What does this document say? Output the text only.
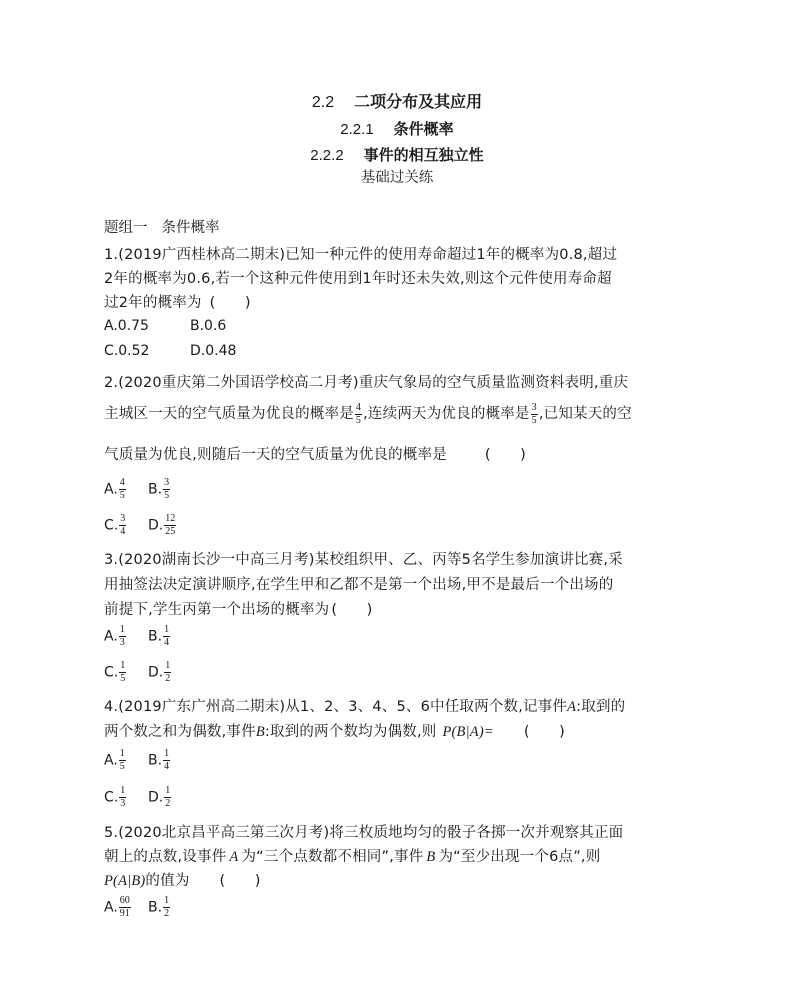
2.2 二项分布及其应用
2.2.1 条件概率
2.2.2 事件的相互独立性
基础过关练
题组一 条件概率
1.(2019广西桂林高二期末)已知一种元件的使用寿命超过1年的概率为0.8,超过
2年的概率为0.6,若一个这种元件使用到1年时还未失效,则这个元件使用寿命超
过2年的概率为 (　　)
A.0.75	B.0.6
C.0.52	D.0.48
2.(2020重庆第二外国语学校高二月考)重庆气象局的空气质量监测资料表明,重庆
主城区一天的空气质量为优良的概率是 $\frac{4}{5}$ ,连续两天为优良的概率是 $\frac{3}{5}$ ,已知某天的空
气质量为优良,则随后一天的空气质量为优良的概率是	(　　)
A. $\frac{4}{5} B$. $\frac{3}{5}$
C. $\frac{3}{4} D$. $\frac{12}{25}$
3.(2020湖南长沙一中高三月考)某校组织甲、乙、丙等5名学生参加演讲比赛,采
用抽签法决定演讲顺序,在学生甲和乙都不是第一个出场,甲不是最后一个出场的
前提下,学生丙第一个出场的概率为 (　　)
A. $\frac{1}{3} B$. $\frac{1}{4}$
C. $\frac{1}{5} D$. $\frac{1}{2}$
4.(2019广东广州高二期末)从1、2、3、4、5、6中任取两个数,记事件A:取到的
两个数之和为偶数,事件B:取到的两个数均为偶数,则 P(B|A)= (　　)
A. $\frac{1}{5} B$. $\frac{1}{4}$
C. $\frac{1}{3} D$. $\frac{1}{2}$
5.(2020北京昌平高三第三次月考)将三枚质地均匀的骰子各掷一次并观察其正面
朝上的点数,设事件 A 为“三个点数都不相同”,事件 B 为“至少出现一个6点”,则
P(A|B)的值为 (　　)
A. $\frac{60}{91} B$. $\frac{1}{2}$
